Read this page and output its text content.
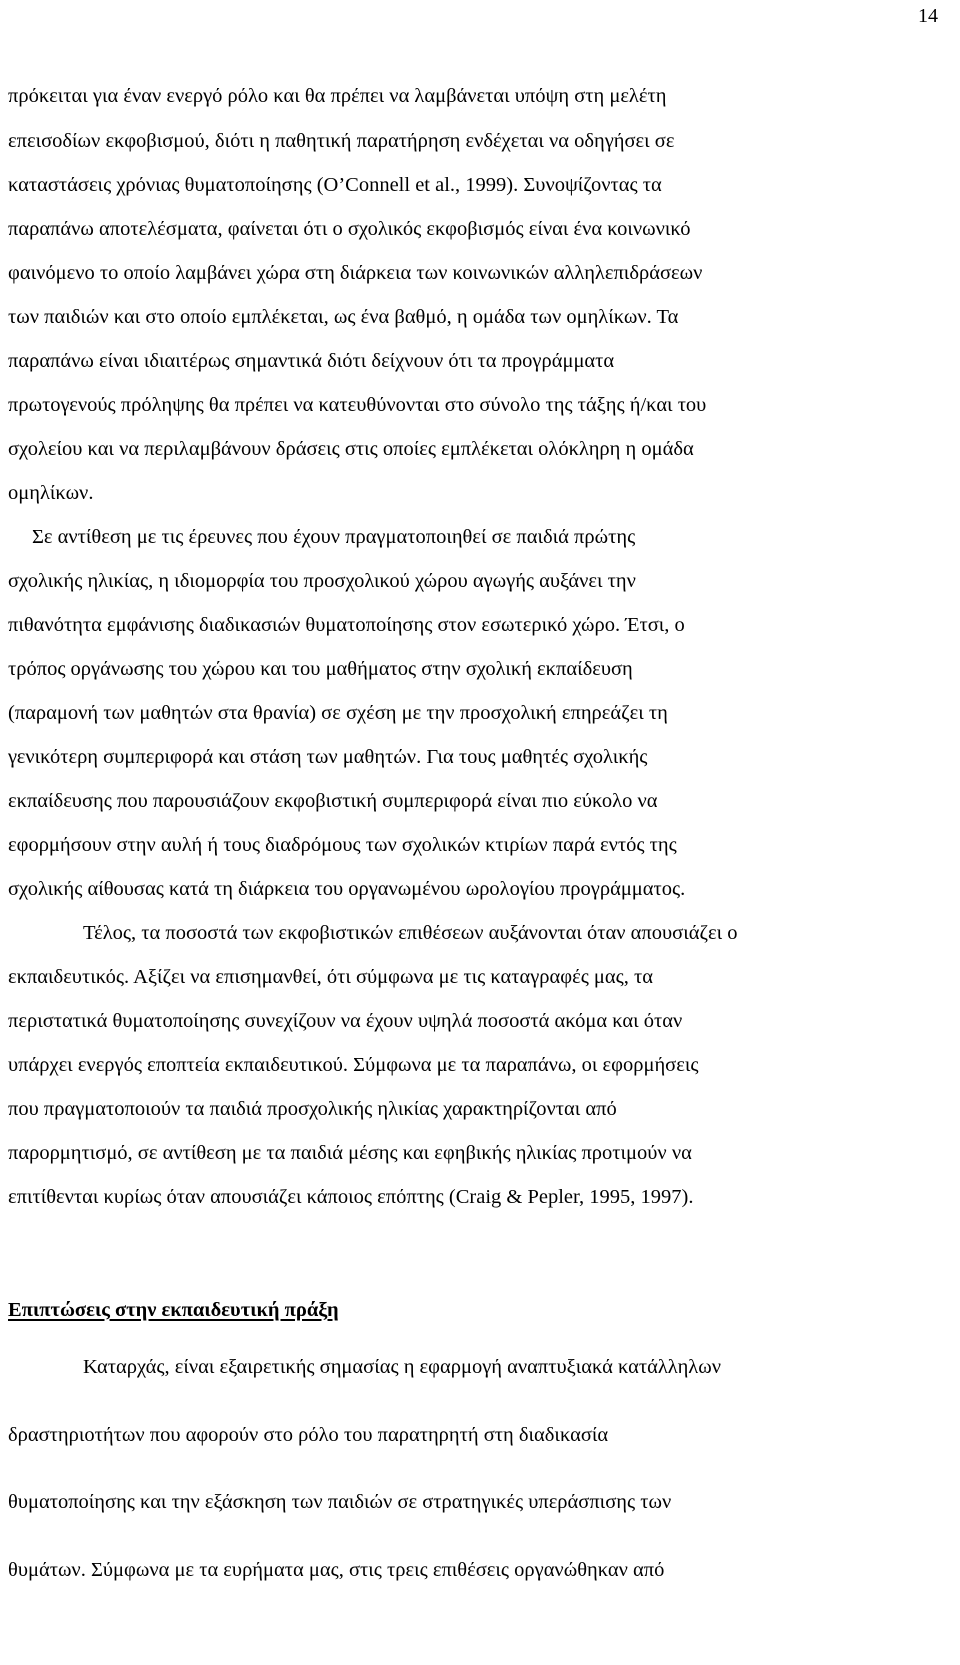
14
πρόκειται για έναν ενεργό ρόλο και θα πρέπει να λαμβάνεται υπόψη στη μελέτη
επεισοδίων εκφοβισμού, διότι η παθητική παρατήρηση ενδέχεται να οδηγήσει σε
καταστάσεις χρόνιας θυματοποίησης (O’Connell et al., 1999). Συνοψίζοντας τα
παραπάνω αποτελέσματα, φαίνεται ότι ο σχολικός εκφοβισμός είναι ένα κοινωνικό
φαινόμενο το οποίο λαμβάνει χώρα στη διάρκεια των κοινωνικών αλληλεπιδράσεων
των παιδιών και στο οποίο εμπλέκεται, ως ένα βαθμό, η ομάδα των ομηλίκων. Τα
παραπάνω είναι ιδιαιτέρως σημαντικά διότι δείχνουν ότι τα προγράμματα
πρωτογενούς πρόληψης θα πρέπει να κατευθύνονται στο σύνολο της τάξης ή/και του
σχολείου και να περιλαμβάνουν δράσεις στις οποίες εμπλέκεται ολόκληρη η ομάδα
ομηλίκων.
Σε αντίθεση με τις έρευνες που έχουν πραγματοποιηθεί σε παιδιά πρώτης
σχολικής ηλικίας, η ιδιομορφία του προσχολικού χώρου αγωγής αυξάνει την
πιθανότητα εμφάνισης διαδικασιών θυματοποίησης στον εσωτερικό χώρο. Έτσι, ο
τρόπος οργάνωσης του χώρου και του μαθήματος στην σχολική εκπαίδευση
(παραμονή των μαθητών στα θρανία) σε σχέση με την προσχολική επηρεάζει τη
γενικότερη συμπεριφορά και στάση των μαθητών. Για τους μαθητές σχολικής
εκπαίδευσης που παρουσιάζουν εκφοβιστική συμπεριφορά είναι πιο εύκολο να
εφορμήσουν στην αυλή ή τους διαδρόμους των σχολικών κτιρίων παρά εντός της
σχολικής αίθουσας κατά τη διάρκεια του οργανωμένου ωρολογίου προγράμματος.
Τέλος, τα ποσοστά των εκφοβιστικών επιθέσεων αυξάνονται όταν απουσιάζει ο
εκπαιδευτικός. Αξίζει να επισημανθεί, ότι σύμφωνα με τις καταγραφές μας, τα
περιστατικά θυματοποίησης συνεχίζουν να έχουν υψηλά ποσοστά ακόμα και όταν
υπάρχει ενεργός εποπτεία εκπαιδευτικού. Σύμφωνα με τα παραπάνω, οι εφορμήσεις
που πραγματοποιούν τα παιδιά προσχολικής ηλικίας χαρακτηρίζονται από
παρορμητισμό, σε αντίθεση με τα παιδιά μέσης και εφηβικής ηλικίας προτιμούν να
επιτίθενται κυρίως όταν απουσιάζει κάποιος επόπτης (Craig & Pepler, 1995, 1997).
Επιπτώσεις στην εκπαιδευτική πράξη
Καταρχάς, είναι εξαιρετικής σημασίας η εφαρμογή αναπτυξιακά κατάλληλων
δραστηριοτήτων που αφορούν στο ρόλο του παρατηρητή στη διαδικασία
θυματοποίησης και την εξάσκηση των παιδιών σε στρατηγικές υπεράσπισης των
θυμάτων. Σύμφωνα με τα ευρήματα μας, στις τρεις επιθέσεις οργανώθηκαν από
